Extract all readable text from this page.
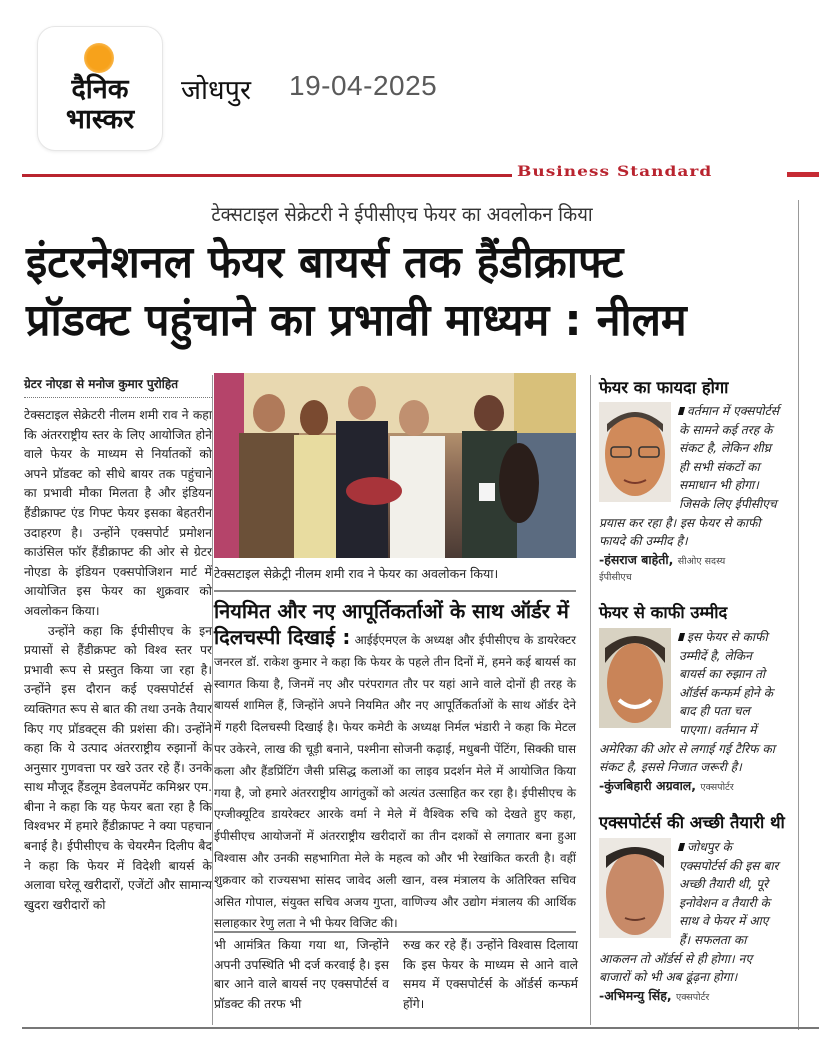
दैनिक
भास्कर
जोधपुर 19-04-2025
Business Standard
टेक्सटाइल सेक्रेटरी ने ईपीसीएच फेयर का अवलोकन किया
इंटरनेशनल फेयर बायर्स तक हैंडीक्राफ्ट
प्रॉडक्ट पहुंचाने का प्रभावी माध्यम : नीलम
ग्रेटर नोएडा से मनोज कुमार पुरोहित

टेक्सटाइल सेक्रेटरी नीलम शमी राव ने कहा कि अंतरराष्ट्रीय स्तर के लिए आयोजित होने वाले फेयर के माध्यम से निर्यातकों को अपने प्रॉडक्ट को सीधे बायर तक पहुंचाने का प्रभावी मौका मिलता है और इंडियन हैंडीक्राफ्ट एंड गिफ्ट फेयर इसका बेहतरीन उदाहरण है। उन्होंने एक्सपोर्ट प्रमोशन काउंसिल फॉर हैंडीक्राफ्ट की ओर से ग्रेटर नोएडा के इंडियन एक्सपोजिशन मार्ट में आयोजित इस फेयर का शुक्रवार को अवलोकन किया।

उन्होंने कहा कि ईपीसीएच के इन प्रयासों से हैंडीक्रफ्ट को विश्व स्तर पर प्रभावी रूप से प्रस्तुत किया जा रहा है। उन्होंने इस दौरान कई एक्सपोर्टर्स से व्यक्तिगत रूप से बात की तथा उनके तैयार किए गए प्रॉडक्ट्स की प्रशंसा की। उन्होंने कहा कि ये उत्पाद अंतरराष्ट्रीय रुझानों के अनुसार गुणवत्ता पर खरे उतर रहे हैं। उनके साथ मौजूद हैंडलूम डेवलपमेंट कमिश्नर एम. बीना ने कहा कि यह फेयर बता रहा है कि विश्वभर में हमारे हैंडीक्राफ्ट ने क्या पहचान बनाई है। ईपीसीएच के चेयरमैन दिलीप बैद ने कहा कि फेयर में विदेशी बायर्स के अलावा घरेलू खरीदारों, एजेंटों और सामान्य खुदरा खरीदारों को

टेक्सटाइल सेक्रेट्री नीलम शमी राव ने फेयर का अवलोकन किया।
नियमित और नए आपूर्तिकर्ताओं के साथ ऑर्डर में
दिलचस्पी दिखाई : आईईएमएल के अध्यक्ष और ईपीसीएच के डायरेक्टर जनरल डॉ. राकेश कुमार ने कहा कि फेयर के पहले तीन दिनों में, हमने कई बायर्स का स्वागत किया है, जिनमें नए और परंपरागत तौर पर यहां आने वाले दोनों ही तरह के बायर्स शामिल हैं, जिन्होंने अपने नियमित और नए आपूर्तिकर्ताओं के साथ ऑर्डर देने में गहरी दिलचस्पी दिखाई है। फेयर कमेटी के अध्यक्ष निर्मल भंडारी ने कहा कि मेटल पर उकेरने, लाख की चूड़ी बनाने, पश्मीना सोजनी कढ़ाई, मधुबनी पेंटिंग, सिक्की घास कला और हैंडप्रिंटिंग जैसी प्रसिद्ध कलाओं का लाइव प्रदर्शन मेले में आयोजित किया गया है, जो हमारे अंतरराष्ट्रीय आगंतुकों को अत्यंत उत्साहित कर रहा है। ईपीसीएच के एग्जीक्यूटिव डायरेक्टर आरके वर्मा ने मेले में वैश्विक रुचि को देखते हुए कहा, ईपीसीएच आयोजनों में अंतरराष्ट्रीय खरीदारों का तीन दशकों से लगातार बना हुआ विश्वास और उनकी सहभागिता मेले के महत्व को और भी रेखांकित करती है। वहीं शुक्रवार को राज्यसभा सांसद जावेद अली खान, वस्त्र मंत्रालय के अतिरिक्त सचिव असित गोपाल, संयुक्त सचिव अजय गुप्ता, वाणिज्य और उद्योग मंत्रालय की आर्थिक सलाहकार रेणु लता ने भी फेयर विजिट की।
भी आमंत्रित किया गया था, जिन्होंने अपनी उपस्थिति भी दर्ज करवाई है। इस बार आने वाले बायर्स नए एक्सपोर्टर्स व प्रॉडक्ट की तरफ भी
रुख कर रहे हैं। उन्होंने विश्वास दिलाया कि इस फेयर के माध्यम से आने वाले समय में एक्सपोर्टर्स के ऑर्डर्स कन्फर्म होंगे।
फेयर का फायदा होगा
वर्तमान में एक्सपोर्टर्स के सामने कई तरह के संकट है, लेकिन शीघ्र ही सभी संकटों का समाधान भी होगा। जिसके लिए ईपीसीएच प्रयास कर रहा है। इस फेयर से काफी फायदे की उम्मीद है।
-हंसराज बाहेती, सीओए सदस्य
ईपीसीएच
फेयर से काफी उम्मीद
इस फेयर से काफी उम्मीदें है, लेकिन बायर्स का रुझान तो ऑर्डर्स कन्फर्म होने के बाद ही पता चल पाएगा। वर्तमान में अमेरिका की ओर से लगाई गई टैरिफ का संकट है, इससे निजात जरूरी है।
-कुंजबिहारी अग्रवाल, एक्सपोर्टर
एक्सपोर्टर्स की अच्छी तैयारी थी
जोधपुर के एक्सपोर्टर्स की इस बार अच्छी तैयारी थी, पूरे इनोवेशन व तैयारी के साथ वे फेयर में आए हैं। सफलता का आकलन तो ऑर्डर्स से ही होगा। नए बाजारों को भी अब ढूंढ़ना होगा।
-अभिमन्यु सिंह, एक्सपोर्टर
